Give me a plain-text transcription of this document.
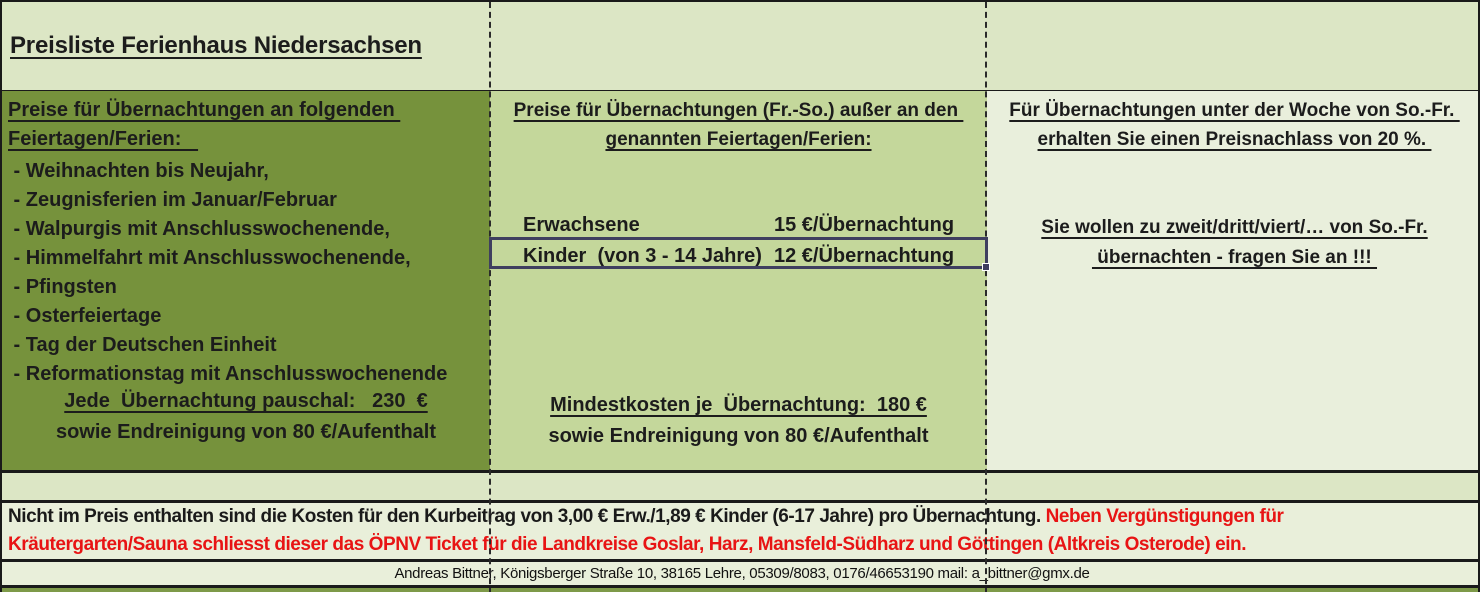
Preisliste Ferienhaus Niedersachsen
Preise für Übernachtungen an folgenden
Feiertagen/Ferien:
- Weihnachten bis Neujahr,
- Zeugnisferien im Januar/Februar
- Walpurgis mit Anschlusswochenende,
- Himmelfahrt mit Anschlusswochenende,
- Pfingsten
- Osterfeiertage
- Tag der Deutschen Einheit
- Reformationstag mit Anschlusswochenende
Jede  Übernachtung pauschal:   230  €
sowie Endreinigung von 80 €/Aufenthalt
Preise für Übernachtungen (Fr.-So.) außer an den
genannten Feiertagen/Ferien:
Erwachsene	15 €/Übernachtung
Kinder  (von 3 - 14 Jahre) 12 €/Übernachtung
Mindestkosten je  Übernachtung:  180 €
sowie Endreinigung von 80 €/Aufenthalt
Für Übernachtungen unter der Woche von So.-Fr.
erhalten Sie einen Preisnachlass von 20 %.
Sie wollen zu zweit/dritt/viert/… von So.-Fr.
übernachten - fragen Sie an !!!
Nicht im Preis enthalten sind die Kosten für den Kurbeitrag von 3,00 € Erw./1,89 € Kinder (6-17 Jahre) pro Übernachtung. Neben Vergünstigungen für
Kräutergarten/Sauna schliesst dieser das ÖPNV Ticket für die Landkreise Goslar, Harz, Mansfeld-Südharz und Göttingen (Altkreis Osterode) ein.
Andreas Bittner, Königsberger Straße 10, 38165 Lehre, 05309/8083, 0176/46653190 mail: a_bittner@gmx.de
